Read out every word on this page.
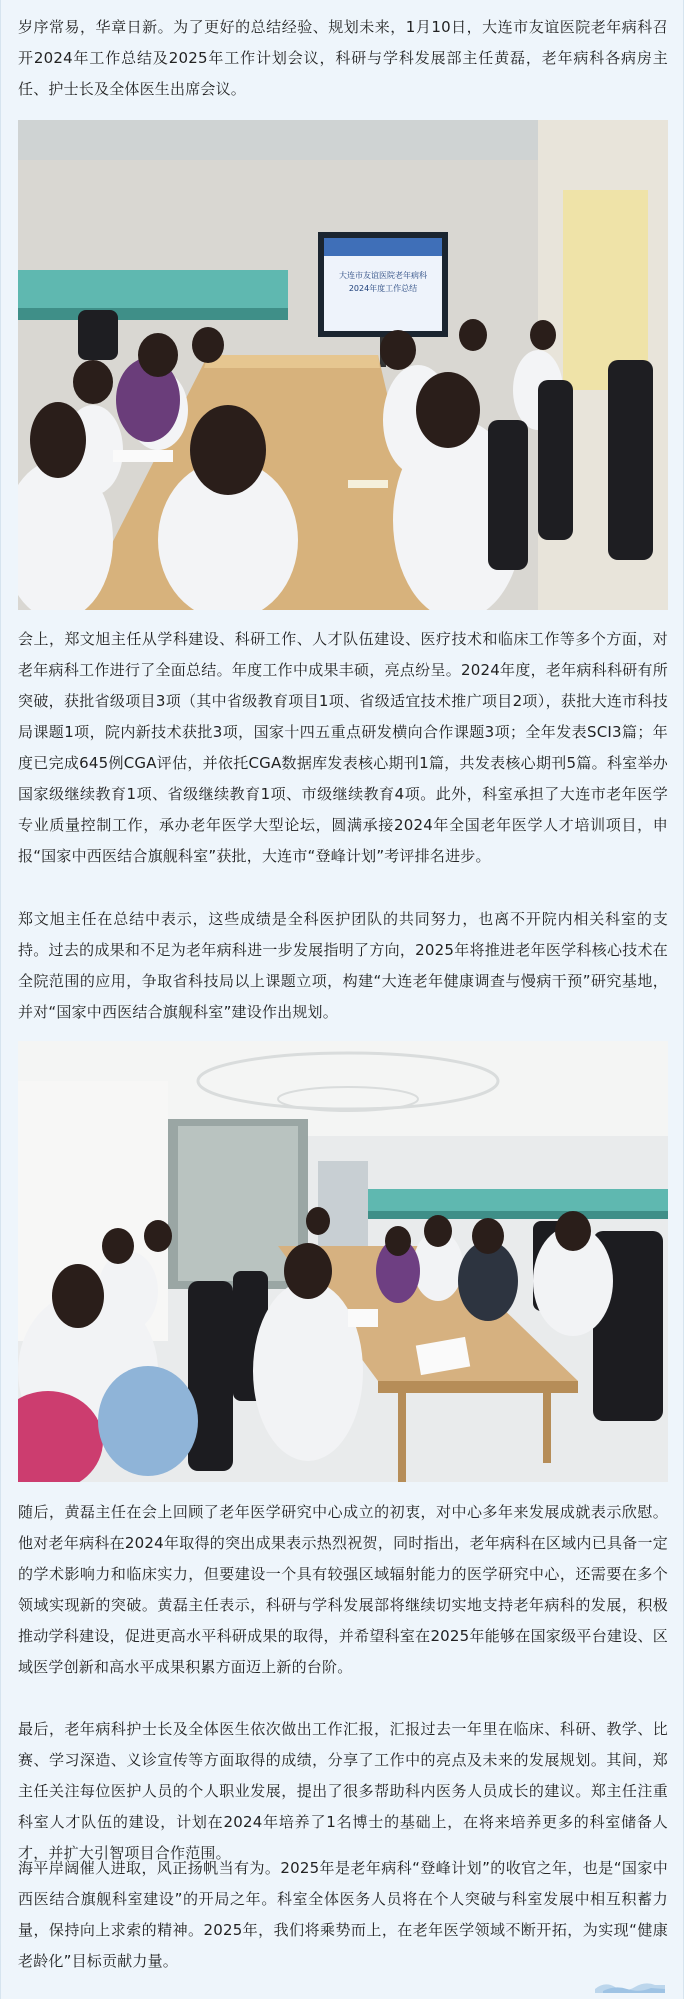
岁序常易，华章日新。为了更好的总结经验、规划未来，1月10日，大连市友谊医院老年病科召开2024年工作总结及2025年工作计划会议，科研与学科发展部主任黄磊，老年病科各病房主任、护士长及全体医生出席会议。

大连市友谊医院老年病科
2024年度工作总结

会上，郑文旭主任从学科建设、科研工作、人才队伍建设、医疗技术和临床工作等多个方面，对老年病科工作进行了全面总结。年度工作中成果丰硕，亮点纷呈。2024年度，老年病科科研有所突破，获批省级项目3项（其中省级教育项目1项、省级适宜技术推广项目2项），获批大连市科技局课题1项，院内新技术获批3项，国家十四五重点研发横向合作课题3项；全年发表SCI3篇；年度已完成645例CGA评估，并依托CGA数据库发表核心期刊1篇，共发表核心期刊5篇。科室举办国家级继续教育1项、省级继续教育1项、市级继续教育4项。此外，科室承担了大连市老年医学专业质量控制工作，承办老年医学大型论坛，圆满承接2024年全国老年医学人才培训项目，申报“国家中西医结合旗舰科室”获批，大连市“登峰计划”考评排名进步。

郑文旭主任在总结中表示，这些成绩是全科医护团队的共同努力，也离不开院内相关科室的支持。过去的成果和不足为老年病科进一步发展指明了方向，2025年将推进老年医学科核心技术在全院范围的应用，争取省科技局以上课题立项，构建“大连老年健康调查与慢病干预”研究基地，并对“国家中西医结合旗舰科室”建设作出规划。

随后，黄磊主任在会上回顾了老年医学研究中心成立的初衷，对中心多年来发展成就表示欣慰。他对老年病科在2024年取得的突出成果表示热烈祝贺，同时指出，老年病科在区域内已具备一定的学术影响力和临床实力，但要建设一个具有较强区域辐射能力的医学研究中心，还需要在多个领域实现新的突破。黄磊主任表示，科研与学科发展部将继续切实地支持老年病科的发展，积极推动学科建设，促进更高水平科研成果的取得，并希望科室在2025年能够在国家级平台建设、区域医学创新和高水平成果积累方面迈上新的台阶。

最后，老年病科护士长及全体医生依次做出工作汇报，汇报过去一年里在临床、科研、教学、比赛、学习深造、义诊宣传等方面取得的成绩，分享了工作中的亮点及未来的发展规划。其间，郑主任关注每位医护人员的个人职业发展，提出了很多帮助科内医务人员成长的建议。郑主任注重科室人才队伍的建设，计划在2024年培养了1名博士的基础上，在将来培养更多的科室储备人才，并扩大引智项目合作范围。

海平岸阔催人进取，风正扬帆当有为。2025年是老年病科“登峰计划”的收官之年，也是“国家中西医结合旗舰科室建设”的开局之年。科室全体医务人员将在个人突破与科室发展中相互积蓄力量，保持向上求索的精神。2025年，我们将乘势而上，在老年医学领域不断开拓，为实现“健康老龄化”目标贡献力量。
